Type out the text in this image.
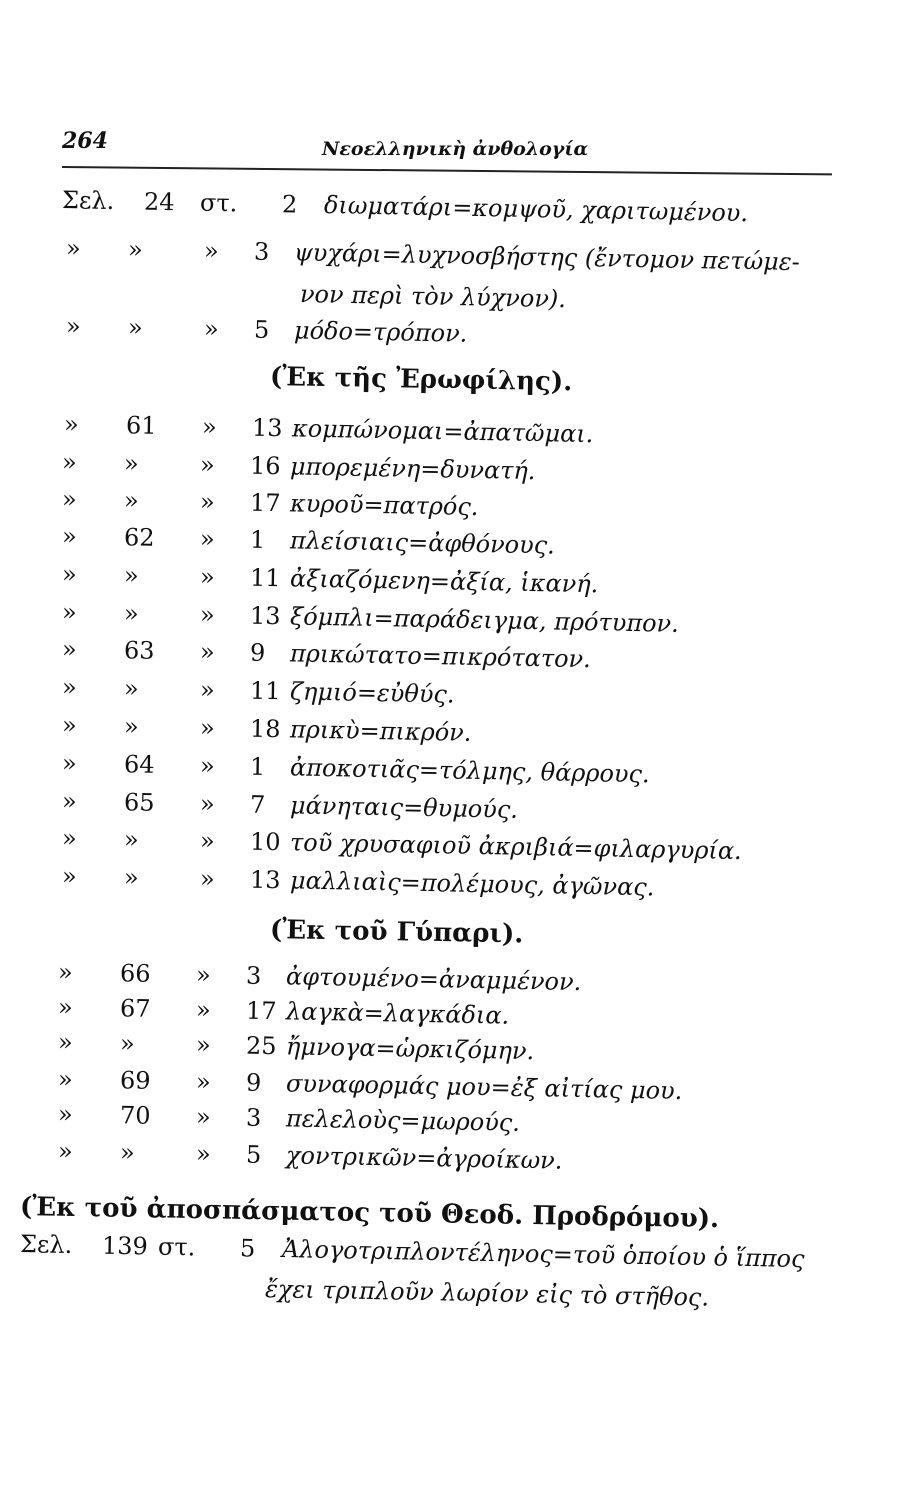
264	Νεοελληνικὴ ἀνθολογία
Σελ.	24 στ. 2 διωματάρι=κομψοῦ, χαριτωμένου.
»	»	» 3 ψυχάρι=λυχνοσβήστης (ἔντομον πετώμε-
νον περὶ τὸν λύχνον).
»	»	» 5 μόδο=τρόπον.
(Ἐκ τῆς Ἐρωφίλης).
»	61 » 13 κομπώνομαι=ἀπατῶμαι.
»	»	» 16 μπορεμένη=δυνατή.
»	»	» 17 κυροῦ=πατρός.
»	62 » 1 πλείσιαις=ἀφθόνους.
»	»	» 11 ἀξιαζόμενη=ἀξία, ἱκανή.
»	»	» 13 ξόμπλι=παράδειγμα, πρότυπον.
»	63 » 9 πρικώτατο=πικρότατον.
»	»	» 11 ζημιό=εὐθύς.
»	»	» 18 πρικὺ=πικρόν.
»	64 » 1 ἀποκοτιᾶς=τόλμης, θάρρους.
»	65 » 7 μάνηταις=θυμούς.
»	»	» 10 τοῦ χρυσαφιοῦ ἀκριβιά=φιλαργυρία.
»	»	» 13 μαλλιαὶς=πολέμους, ἀγῶνας.
(Ἐκ τοῦ Γύπαρι).
»	66 » 3 ἀφτουμένο=ἀναμμένον.
»	67 » 17 λαγκὰ=λαγκάδια.
»	»	» 25 ἤμνογα=ὡρκιζόμην.
»	69 » 9 συναφορμάς μου=ἐξ αἰτίας μου.
»	70 » 3 πελελοὺς=μωρούς.
»	»	» 5 χοντρικῶν=ἀγροίκων.
(Ἐκ τοῦ ἀποσπάσματος τοῦ Θεοδ. Προδρόμου).
Σελ.	139 στ. 5 Ἀλογοτριπλοντέληνος=τοῦ ὁποίου ὁ ἵππος
ἔχει τριπλοῦν λωρίον εἰς τὸ στῆθος.
